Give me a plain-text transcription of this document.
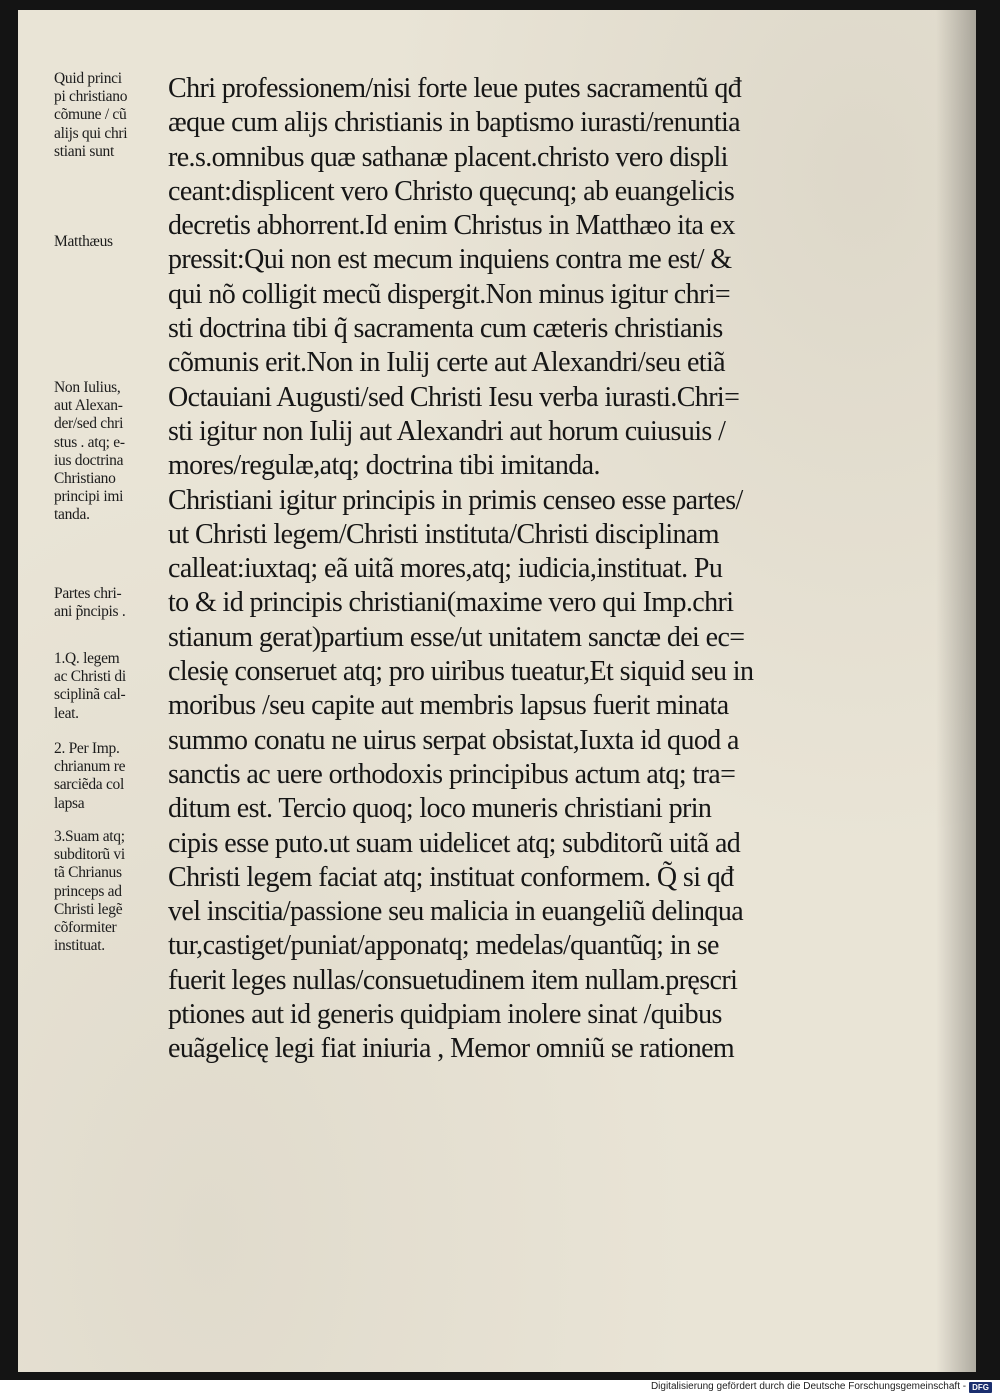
Chri professionem/nisi forte leue putes sacramentũ qđ
æque cum alijs christianis in baptismo iurasti/renuntia
re.s.omnibus quæ sathanæ placent.christo vero displi
ceant:displicent vero Christo quęcunq; ab euangelicis
decretis abhorrent.Id enim Christus in Matthæo ita ex
pressit:Qui non est mecum inquiens contra me est/ &
qui nõ colligit mecũ dispergit.Non minus igitur chri=
sti doctrina tibi q̃ sacramenta cum cæteris christianis
cõmunis erit.Non in Iulij certe aut Alexandri/seu etiã
Octauiani Augusti/sed Christi Iesu verba iurasti.Chri=
sti igitur non Iulij aut Alexandri aut horum cuiusuis /
mores/regulæ,atq; doctrina tibi imitanda.
Christiani igitur principis in primis censeo esse partes/
ut Christi legem/Christi instituta/Christi disciplinam
calleat:iuxtaq; eã uitã mores,atq; iudicia,instituat. Pu
to & id principis christiani(maxime vero qui Imp.chri
stianum gerat)partium esse/ut unitatem sanctæ dei ec=
clesię conseruet atq; pro uiribus tueatur,Et siquid seu in
moribus /seu capite aut membris lapsus fuerit minata
summo conatu ne uirus serpat obsistat,Iuxta id quod a
sanctis ac uere orthodoxis principibus actum atq; tra=
ditum est. Tercio quoq; loco muneris christiani prin
cipis esse puto.ut suam uidelicet atq; subditorũ uitã ad
Christi legem faciat atq; instituat conformem. Q̃ si qđ
vel inscitia/passione seu malicia in euangeliũ delinqua
tur,castiget/puniat/apponatq; medelas/quantũq; in se
fuerit leges nullas/consuetudinem item nullam.pręscri
ptiones aut id generis quidpiam inolere sinat /quibus
euãgelicę legi fiat iniuria , Memor omniũ se rationem
Quid princi
pi christiano
cõmune / cũ
alijs qui chri
stiani sunt
Matthæus
Non Iulius,
aut Alexan-
der/sed chri
stus . atq; e-
ius doctrina
Christiano
principi imi
tanda.
Partes chri-
ani p̃ncipis .
1.Q. legem
ac Christi di
sciplinã cal-
leat.
2. Per Imp.
chrianum re
sarciẽda col
lapsa
3.Suam atq;
subditorũ vi
tã Chrianus
princeps ad
Christi legẽ
cõformiter
instituat.
Digitalisierung gefördert durch die Deutsche Forschungsgemeinschaft - DFG
